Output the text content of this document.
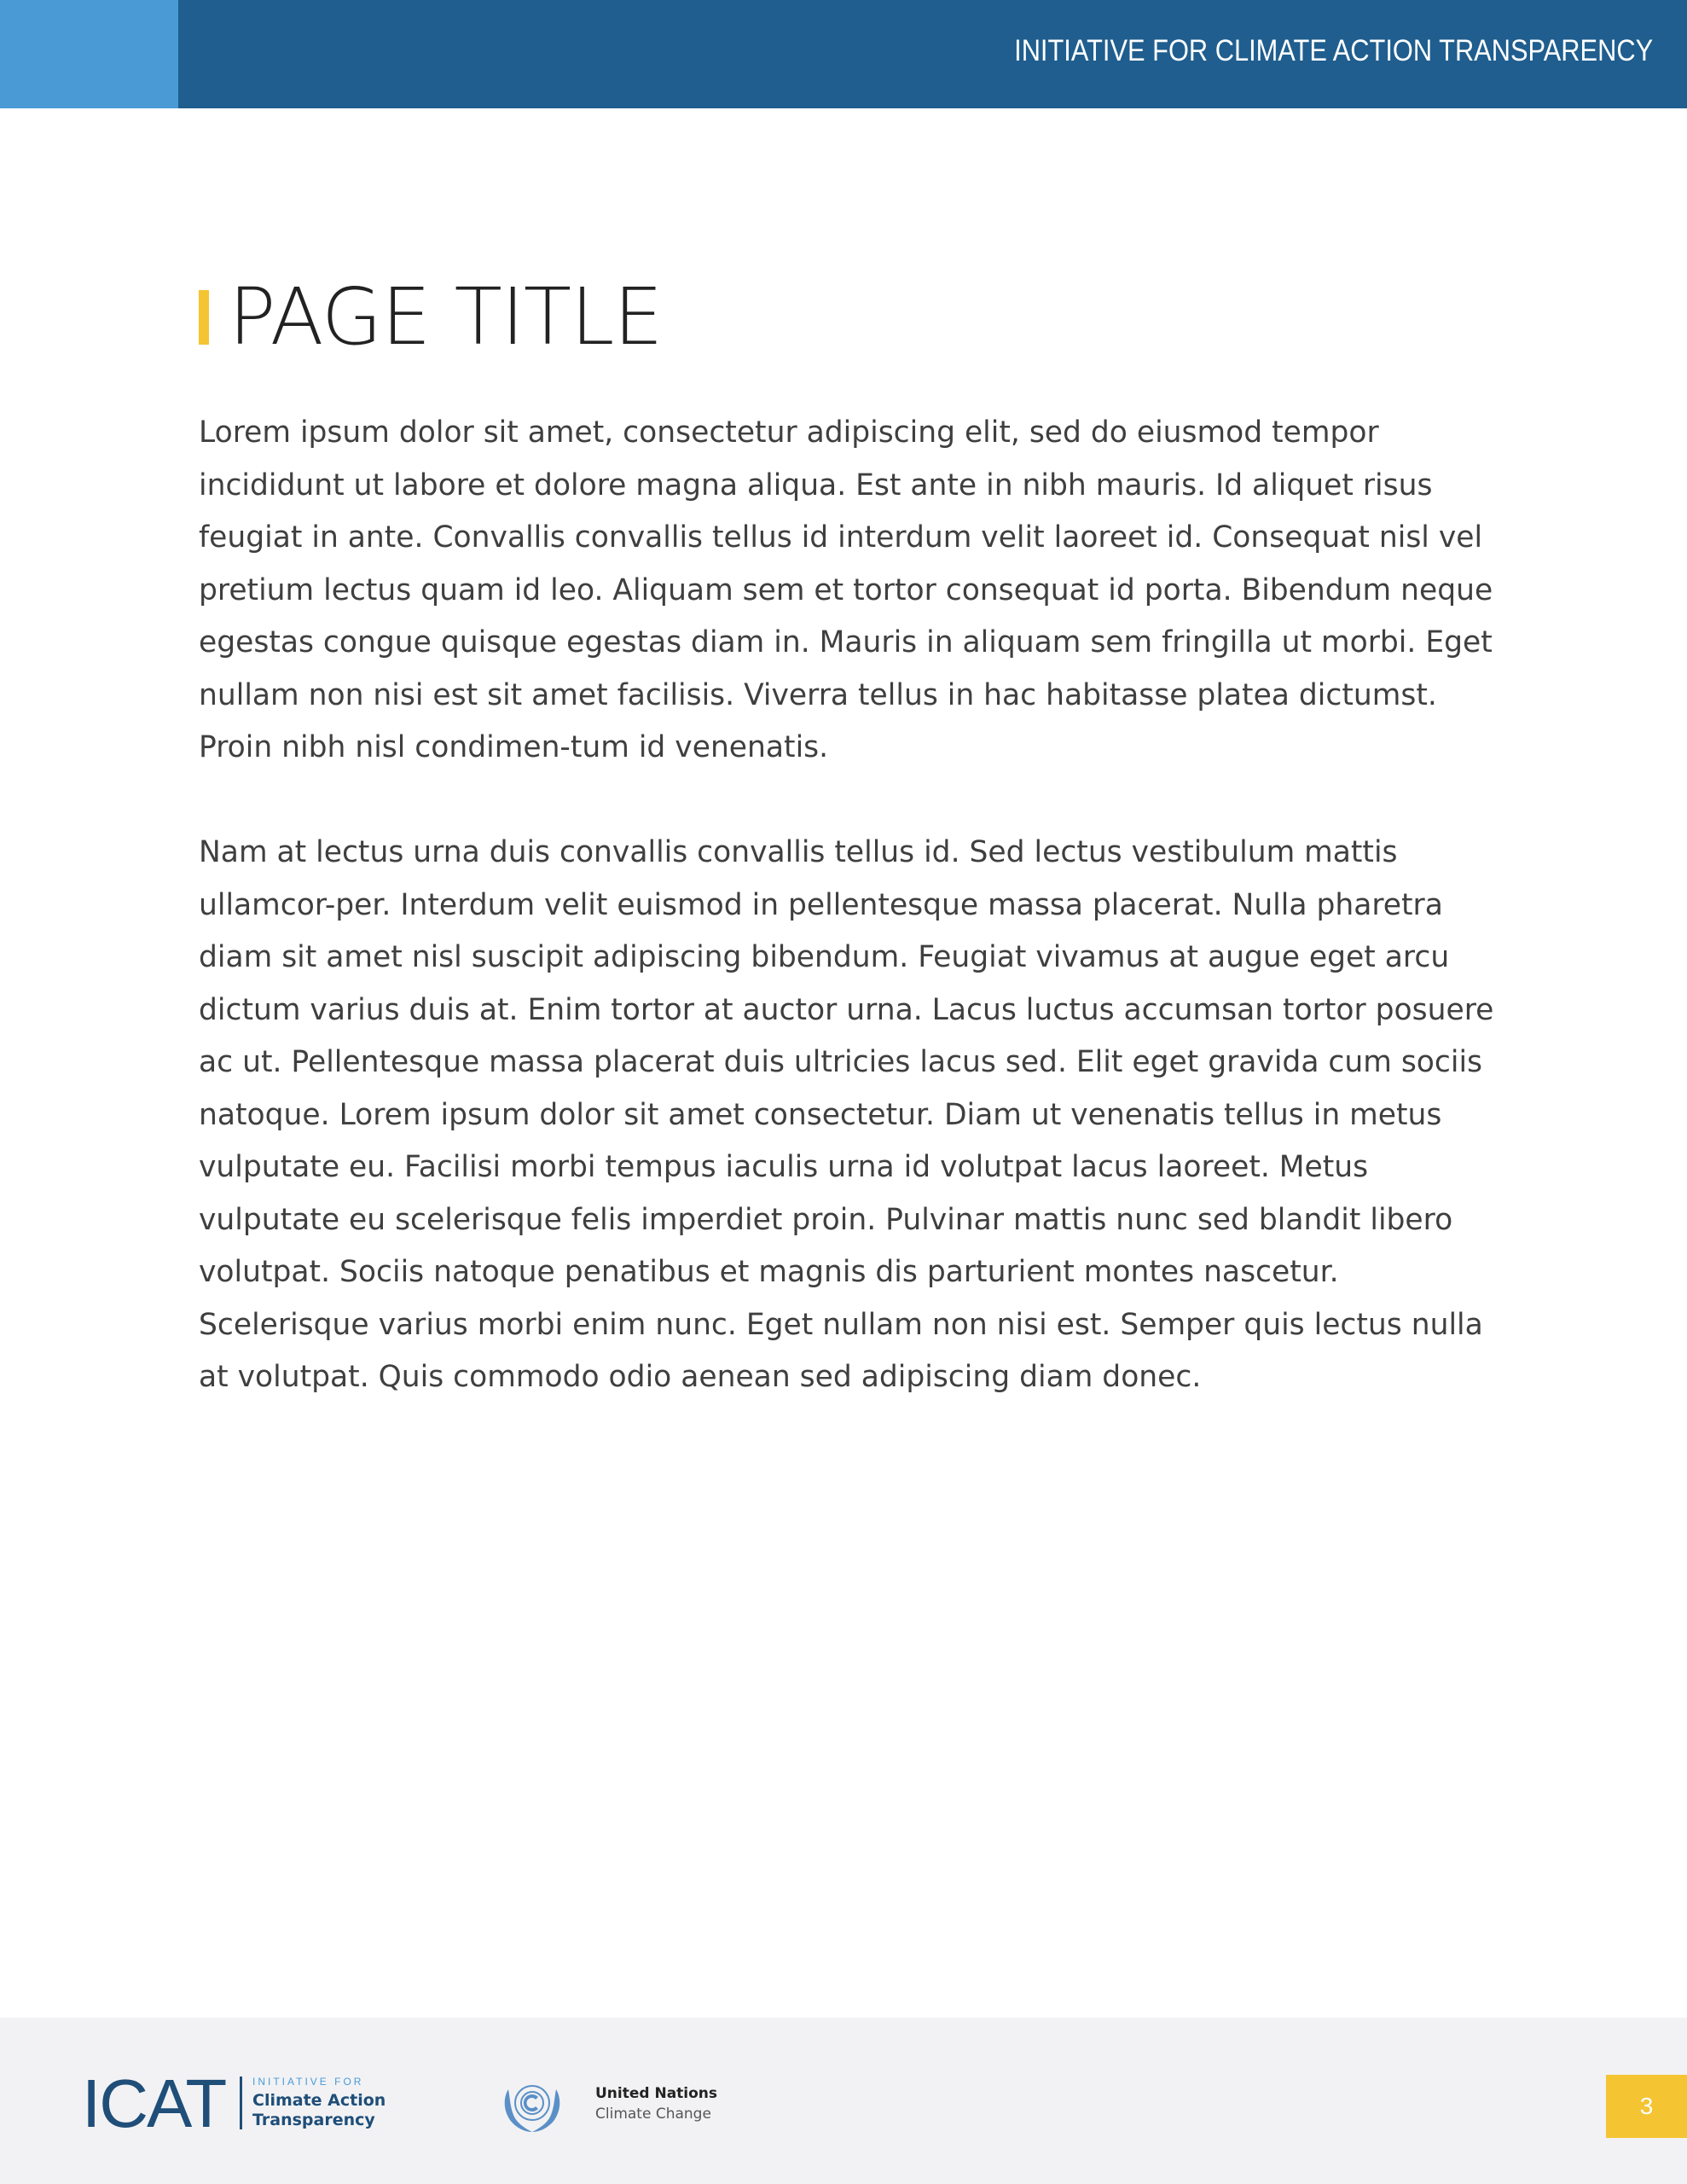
INITIATIVE FOR CLIMATE ACTION TRANSPARENCY
PAGE TITLE

Lorem ipsum dolor sit amet, consectetur adipiscing elit, sed do eiusmod tempor incididunt ut labore et dolore magna aliqua. Est ante in nibh mauris. Id aliquet risus feugiat in ante. Convallis convallis tellus id interdum velit laoreet id. Consequat nisl vel pretium lectus quam id leo. Aliquam sem et tortor consequat id porta. Bibendum neque egestas congue quisque egestas diam in. Mauris in aliquam sem fringilla ut morbi. Eget nullam non nisi est sit amet facilisis. Viverra tellus in hac habitasse platea dictumst. Proin nibh nisl condimen-tum id venenatis.

Nam at lectus urna duis convallis convallis tellus id. Sed lectus vestibulum mattis ullamcor-per. Interdum velit euismod in pellentesque massa placerat. Nulla pharetra diam sit amet nisl suscipit adipiscing bibendum. Feugiat vivamus at augue eget arcu dictum varius duis at. Enim tortor at auctor urna. Lacus luctus accumsan tortor posuere ac ut. Pellentesque massa placerat duis ultricies lacus sed. Elit eget gravida cum sociis natoque. Lorem ipsum dolor sit amet consectetur. Diam ut venenatis tellus in metus vulputate eu. Facilisi morbi tempus iaculis urna id volutpat lacus laoreet. Metus vulputate eu scelerisque felis imperdiet proin. Pulvinar mattis nunc sed blandit libero volutpat. Sociis natoque penatibus et magnis dis parturient montes nascetur. Scelerisque varius morbi enim nunc. Eget nullam non nisi est. Semper quis lectus nulla at volutpat. Quis commodo odio aenean sed adipiscing diam donec.

ICAT	INITIATIVE FOR
Climate Action
Transparency
United Nations
Climate Change	3
